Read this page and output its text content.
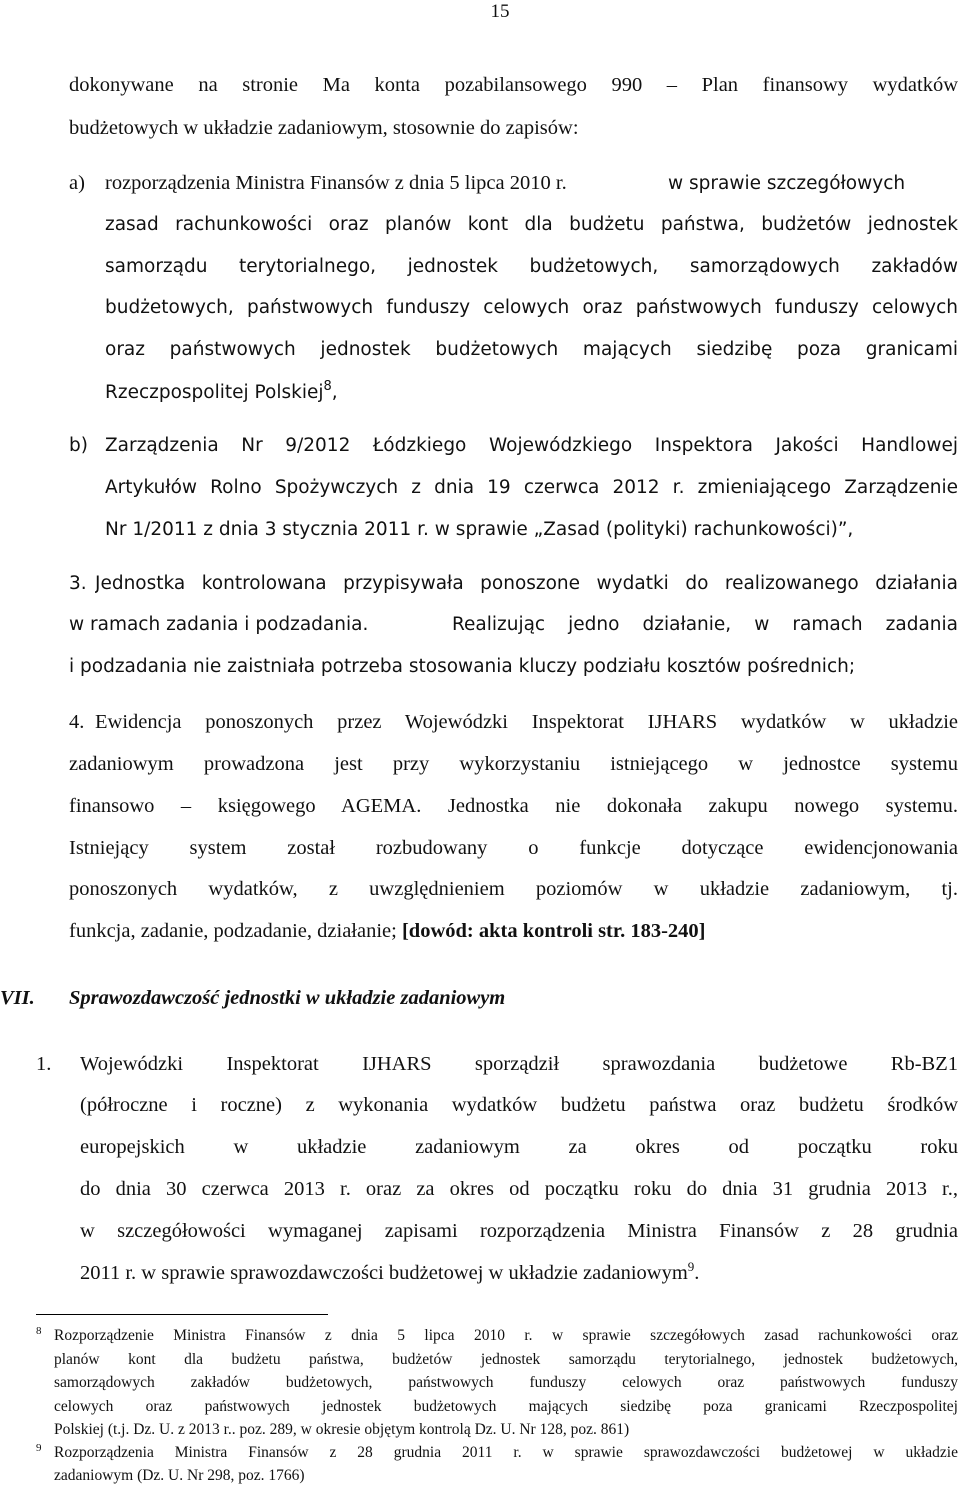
15
dokonywane na stronie Ma konta pozabilansowego 990 – Plan finansowy wydatków
budżetowych w układzie zadaniowym, stosownie do zapisów:
a) rozporządzenia Ministra Finansów z dnia 5 lipca 2010 r.	w sprawie szczegółowych
zasad rachunkowości oraz planów kont dla budżetu państwa, budżetów jednostek
samorządu terytorialnego, jednostek budżetowych, samorządowych zakładów
budżetowych, państwowych funduszy celowych oraz państwowych funduszy celowych
oraz państwowych jednostek budżetowych mających siedzibę poza granicami
Rzeczpospolitej Polskiej$^8$,
b) Zarządzenia Nr 9/2012 Łódzkiego Wojewódzkiego Inspektora Jakości Handlowej
Artykułów Rolno Spożywczych z dnia 19 czerwca 2012 r. zmieniającego Zarządzenie
Nr 1/2011 z dnia 3 stycznia 2011 r. w sprawie „Zasad (polityki) rachunkowości)”,
3. Jednostka kontrolowana przypisywała ponoszone wydatki do realizowanego działania
w ramach zadania i podzadania.	Realizując jedno działanie, w ramach zadania
i podzadania nie zaistniała potrzeba stosowania kluczy podziału kosztów pośrednich;
4. Ewidencja ponoszonych przez Wojewódzki Inspektorat IJHARS wydatków w układzie
zadaniowym prowadzona jest przy wykorzystaniu istniejącego w jednostce systemu
finansowo – księgowego AGEMA. Jednostka nie dokonała zakupu nowego systemu.
Istniejący system został rozbudowany o funkcje dotyczące ewidencjonowania
ponoszonych wydatków, z uwzględnieniem poziomów w układzie zadaniowym, tj.
funkcja, zadanie, podzadanie, działanie; [dowód: akta kontroli str. 183-240]
VII. Sprawozdawczość jednostki w układzie zadaniowym
1. Wojewódzki Inspektorat IJHARS sporządził sprawozdania budżetowe Rb-BZ1
(półroczne i roczne) z wykonania wydatków budżetu państwa oraz budżetu środków
europejskich w układzie zadaniowym za okres od początku roku
do dnia 30 czerwca 2013 r. oraz za okres od początku roku do dnia 31 grudnia 2013 r.,
w szczegółowości wymaganej zapisami rozporządzenia Ministra Finansów z 28 grudnia
2011 r. w sprawie sprawozdawczości budżetowej w układzie zadaniowym$^9$.
$^8$ Rozporządzenie Ministra Finansów z dnia 5 lipca 2010 r. w sprawie szczegółowych zasad rachunkowości oraz
planów kont dla budżetu państwa, budżetów jednostek samorządu terytorialnego, jednostek budżetowych,
samorządowych zakładów budżetowych, państwowych funduszy celowych oraz państwowych funduszy
celowych oraz państwowych jednostek budżetowych mających siedzibę poza granicami Rzeczpospolitej
Polskiej (t.j. Dz. U. z 2013 r.. poz. 289, w okresie objętym kontrolą Dz. U. Nr 128, poz. 861)
$^9$ Rozporządzenia Ministra Finansów z 28 grudnia 2011 r. w sprawie sprawozdawczości budżetowej w układzie
zadaniowym (Dz. U. Nr 298, poz. 1766)
